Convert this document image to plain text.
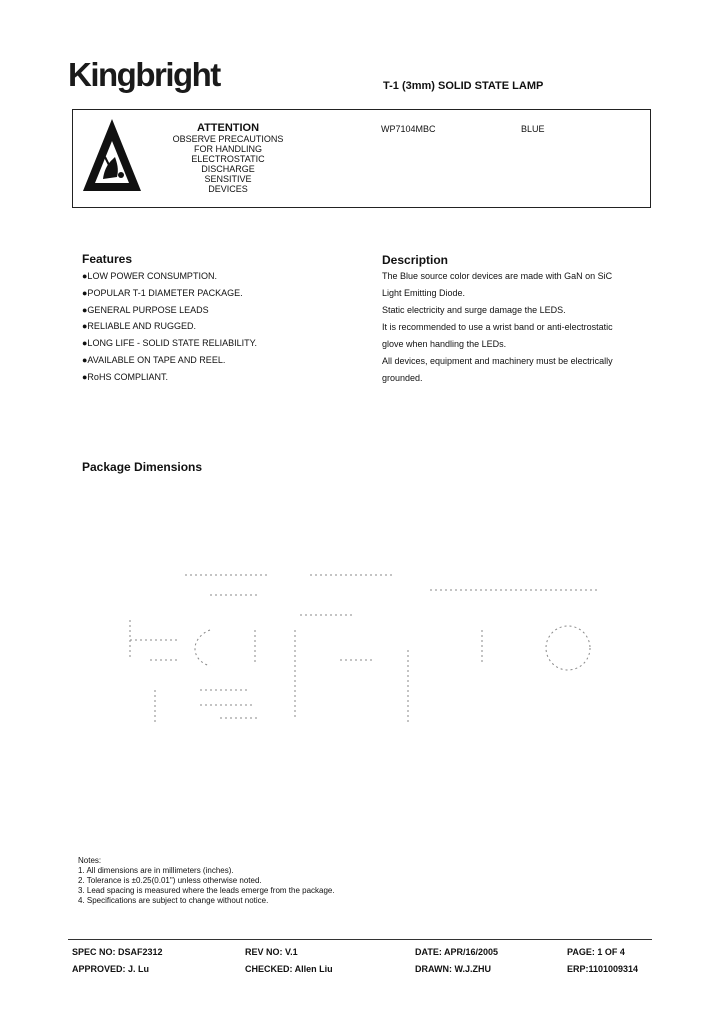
Kingbright	T-1 (3mm) SOLID STATE LAMP
ATTENTION
OBSERVE PRECAUTIONS
FOR HANDLING
ELECTROSTATIC
DISCHARGE
SENSITIVE
DEVICES
WP7104MBC	BLUE
Features
●LOW POWER CONSUMPTION.
●POPULAR T-1 DIAMETER PACKAGE.
●GENERAL PURPOSE LEADS
●RELIABLE AND RUGGED.
●LONG LIFE - SOLID STATE RELIABILITY.
●AVAILABLE ON TAPE AND REEL.
●RoHS COMPLIANT.
Description
The Blue source color devices are made with GaN on SiC
Light Emitting Diode.
Static electricity and surge damage the LEDS.
It is recommended to use a wrist band or anti-electrostatic
glove when handling the LEDs.
All devices, equipment and machinery must be electrically
grounded.
Package Dimensions
Notes:
1. All dimensions are in millimeters (inches).
2. Tolerance is ±0.25(0.01") unless otherwise noted.
3. Lead spacing is measured where the leads emerge from the package.
4. Specifications are subject to change without notice.
SPEC NO: DSAF2312	REV NO: V.1	DATE: APR/16/2005	PAGE: 1 OF 4
APPROVED: J. Lu	CHECKED: Allen Liu	DRAWN: W.J.ZHU	ERP:1101009314
